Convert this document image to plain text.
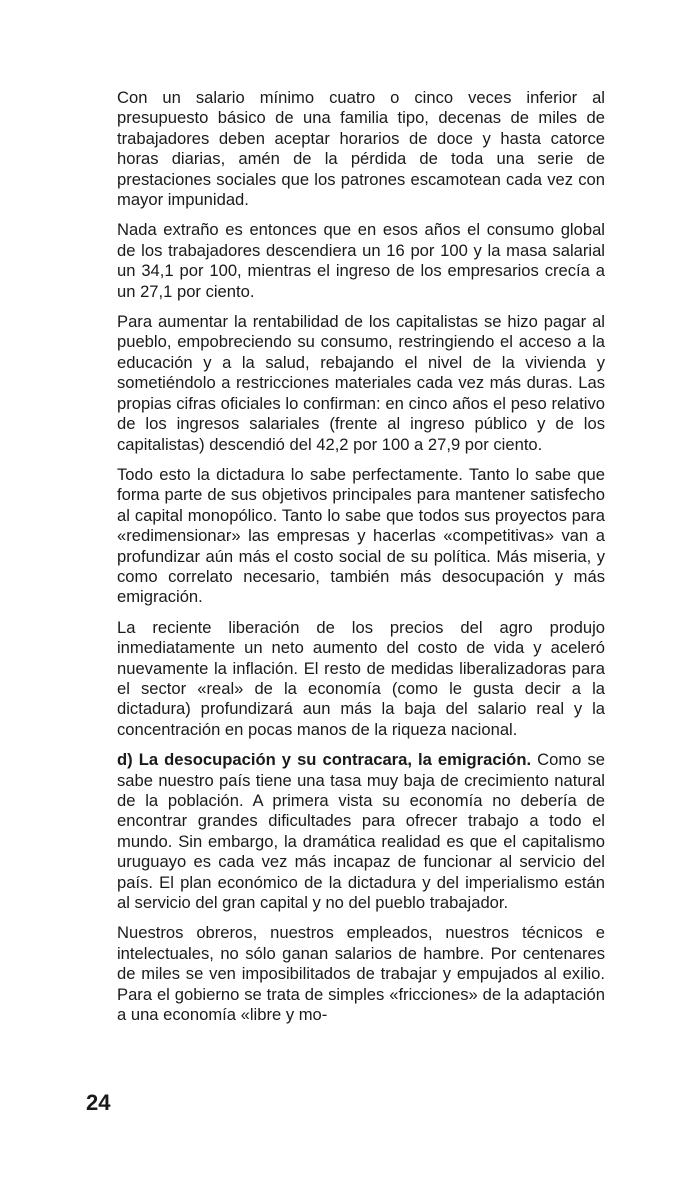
Con un salario mínimo cuatro o cinco veces inferior al presupuesto básico de una familia tipo, decenas de miles de trabajadores deben aceptar horarios de doce y hasta catorce horas diarias, amén de la pérdida de toda una serie de prestaciones sociales que los patrones escamotean cada vez con mayor impunidad.

Nada extraño es entonces que en esos años el consumo global de los trabajadores descendiera un 16 por 100 y la masa salarial un 34,1 por 100, mientras el ingreso de los empresarios crecía a un 27,1 por ciento.

Para aumentar la rentabilidad de los capitalistas se hizo pagar al pueblo, empobreciendo su consumo, restringiendo el acceso a la educación y a la salud, rebajando el nivel de la vivienda y sometiéndolo a restricciones materiales cada vez más duras. Las propias cifras oficiales lo confirman: en cinco años el peso relativo de los ingresos salariales (frente al ingreso público y de los capitalistas) descendió del 42,2 por 100 a 27,9 por ciento.

Todo esto la dictadura lo sabe perfectamente. Tanto lo sabe que forma parte de sus objetivos principales para mantener satisfecho al capital monopólico. Tanto lo sabe que todos sus proyectos para «redimensionar» las empresas y hacerlas «competitivas» van a profundizar aún más el costo social de su política. Más miseria, y como correlato necesario, también más desocupación y más emigración.

La reciente liberación de los precios del agro produjo inmediatamente un neto aumento del costo de vida y aceleró nuevamente la inflación. El resto de medidas liberalizadoras para el sector «real» de la economía (como le gusta decir a la dictadura) profundizará aun más la baja del salario real y la concentración en pocas manos de la riqueza nacional.

d) La desocupación y su contracara, la emigración. Como se sabe nuestro país tiene una tasa muy baja de crecimiento natural de la población. A primera vista su economía no debería de encontrar grandes dificultades para ofrecer trabajo a todo el mundo. Sin embargo, la dramática realidad es que el capitalismo uruguayo es cada vez más incapaz de funcionar al servicio del país. El plan económico de la dictadura y del imperialismo están al servicio del gran capital y no del pueblo trabajador.

Nuestros obreros, nuestros empleados, nuestros técnicos e intelectuales, no sólo ganan salarios de hambre. Por centenares de miles se ven imposibilitados de trabajar y empujados al exilio. Para el gobierno se trata de simples «fricciones» de la adaptación a una economía «libre y mo-

24
